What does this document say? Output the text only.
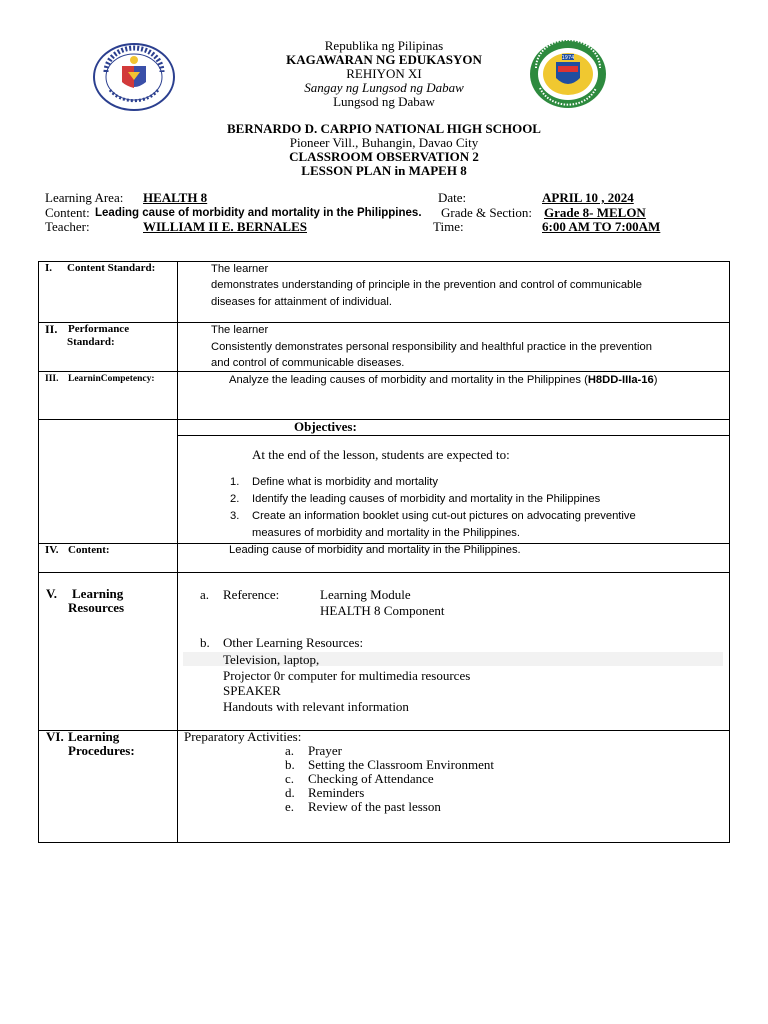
1974
Republika ng Pilipinas
KAGAWARAN NG EDUKASYON
REHIYON XI
Sangay ng Lungsod ng Dabaw
Lungsod ng Dabaw
BERNARDO D. CARPIO NATIONAL HIGH SCHOOL
Pioneer Vill., Buhangin, Davao City
CLASSROOM OBSERVATION 2
LESSON PLAN in MAPEH 8
Learning Area: HEALTH 8	Date:	APRIL 10 , 2024
Content: Leading cause of morbidity and mortality in the Philippines. Grade & Section: Grade 8- MELON
Teacher:	WILLIAM II E. BERNALES	Time:	6:00 AM TO 7:00AM
I. Content Standard:	The learner
demonstrates understanding of principle in the prevention and control of communicable
diseases for attainment of individual.
II. Performance
Standard:
The learner
Consistently demonstrates personal responsibility and healthful practice in the prevention
and control of communicable diseases.
III. LearninCompetency:	Analyze the leading causes of morbidity and mortality in the Philippines (H8DD-IIIa-16)
Objectives:
At the end of the lesson, students are expected to:
1. Define what is morbidity and mortality
2. Identify the leading causes of morbidity and mortality in the Philippines
3. Create an information booklet using cut-out pictures on advocating preventive
measures of morbidity and mortality in the Philippines.
IV. Content:	Leading cause of morbidity and mortality in the Philippines.
V. Learning
Resources
a. Reference:	Learning Module
HEALTH 8 Component
b. Other Learning Resources:
Television, laptop,
Projector 0r computer for multimedia resources
SPEAKER
Handouts with relevant information
VI. Learning
Procedures:
Preparatory Activities:
a. Prayer
b. Setting the Classroom Environment
c. Checking of Attendance
d. Reminders
e. Review of the past lesson
